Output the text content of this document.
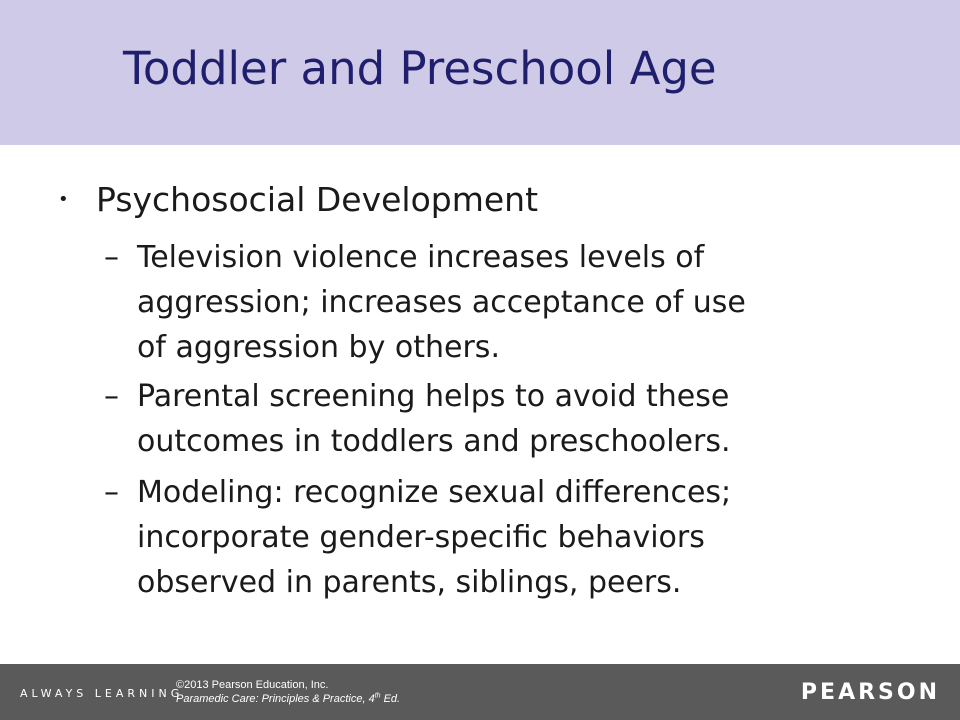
Toddler and Preschool Age
• Psychosocial Development
– Television violence increases levels of
aggression; increases acceptance of use
of aggression by others.
– Parental screening helps to avoid these
outcomes in toddlers and preschoolers.
– Modeling: recognize sexual differences;
incorporate gender-specific behaviors
observed in parents, siblings, peers.
ALWAYS LEARNING
©2013 Pearson Education, Inc.
Paramedic Care: Principles & Practice, 4th Ed.	PEARSON
